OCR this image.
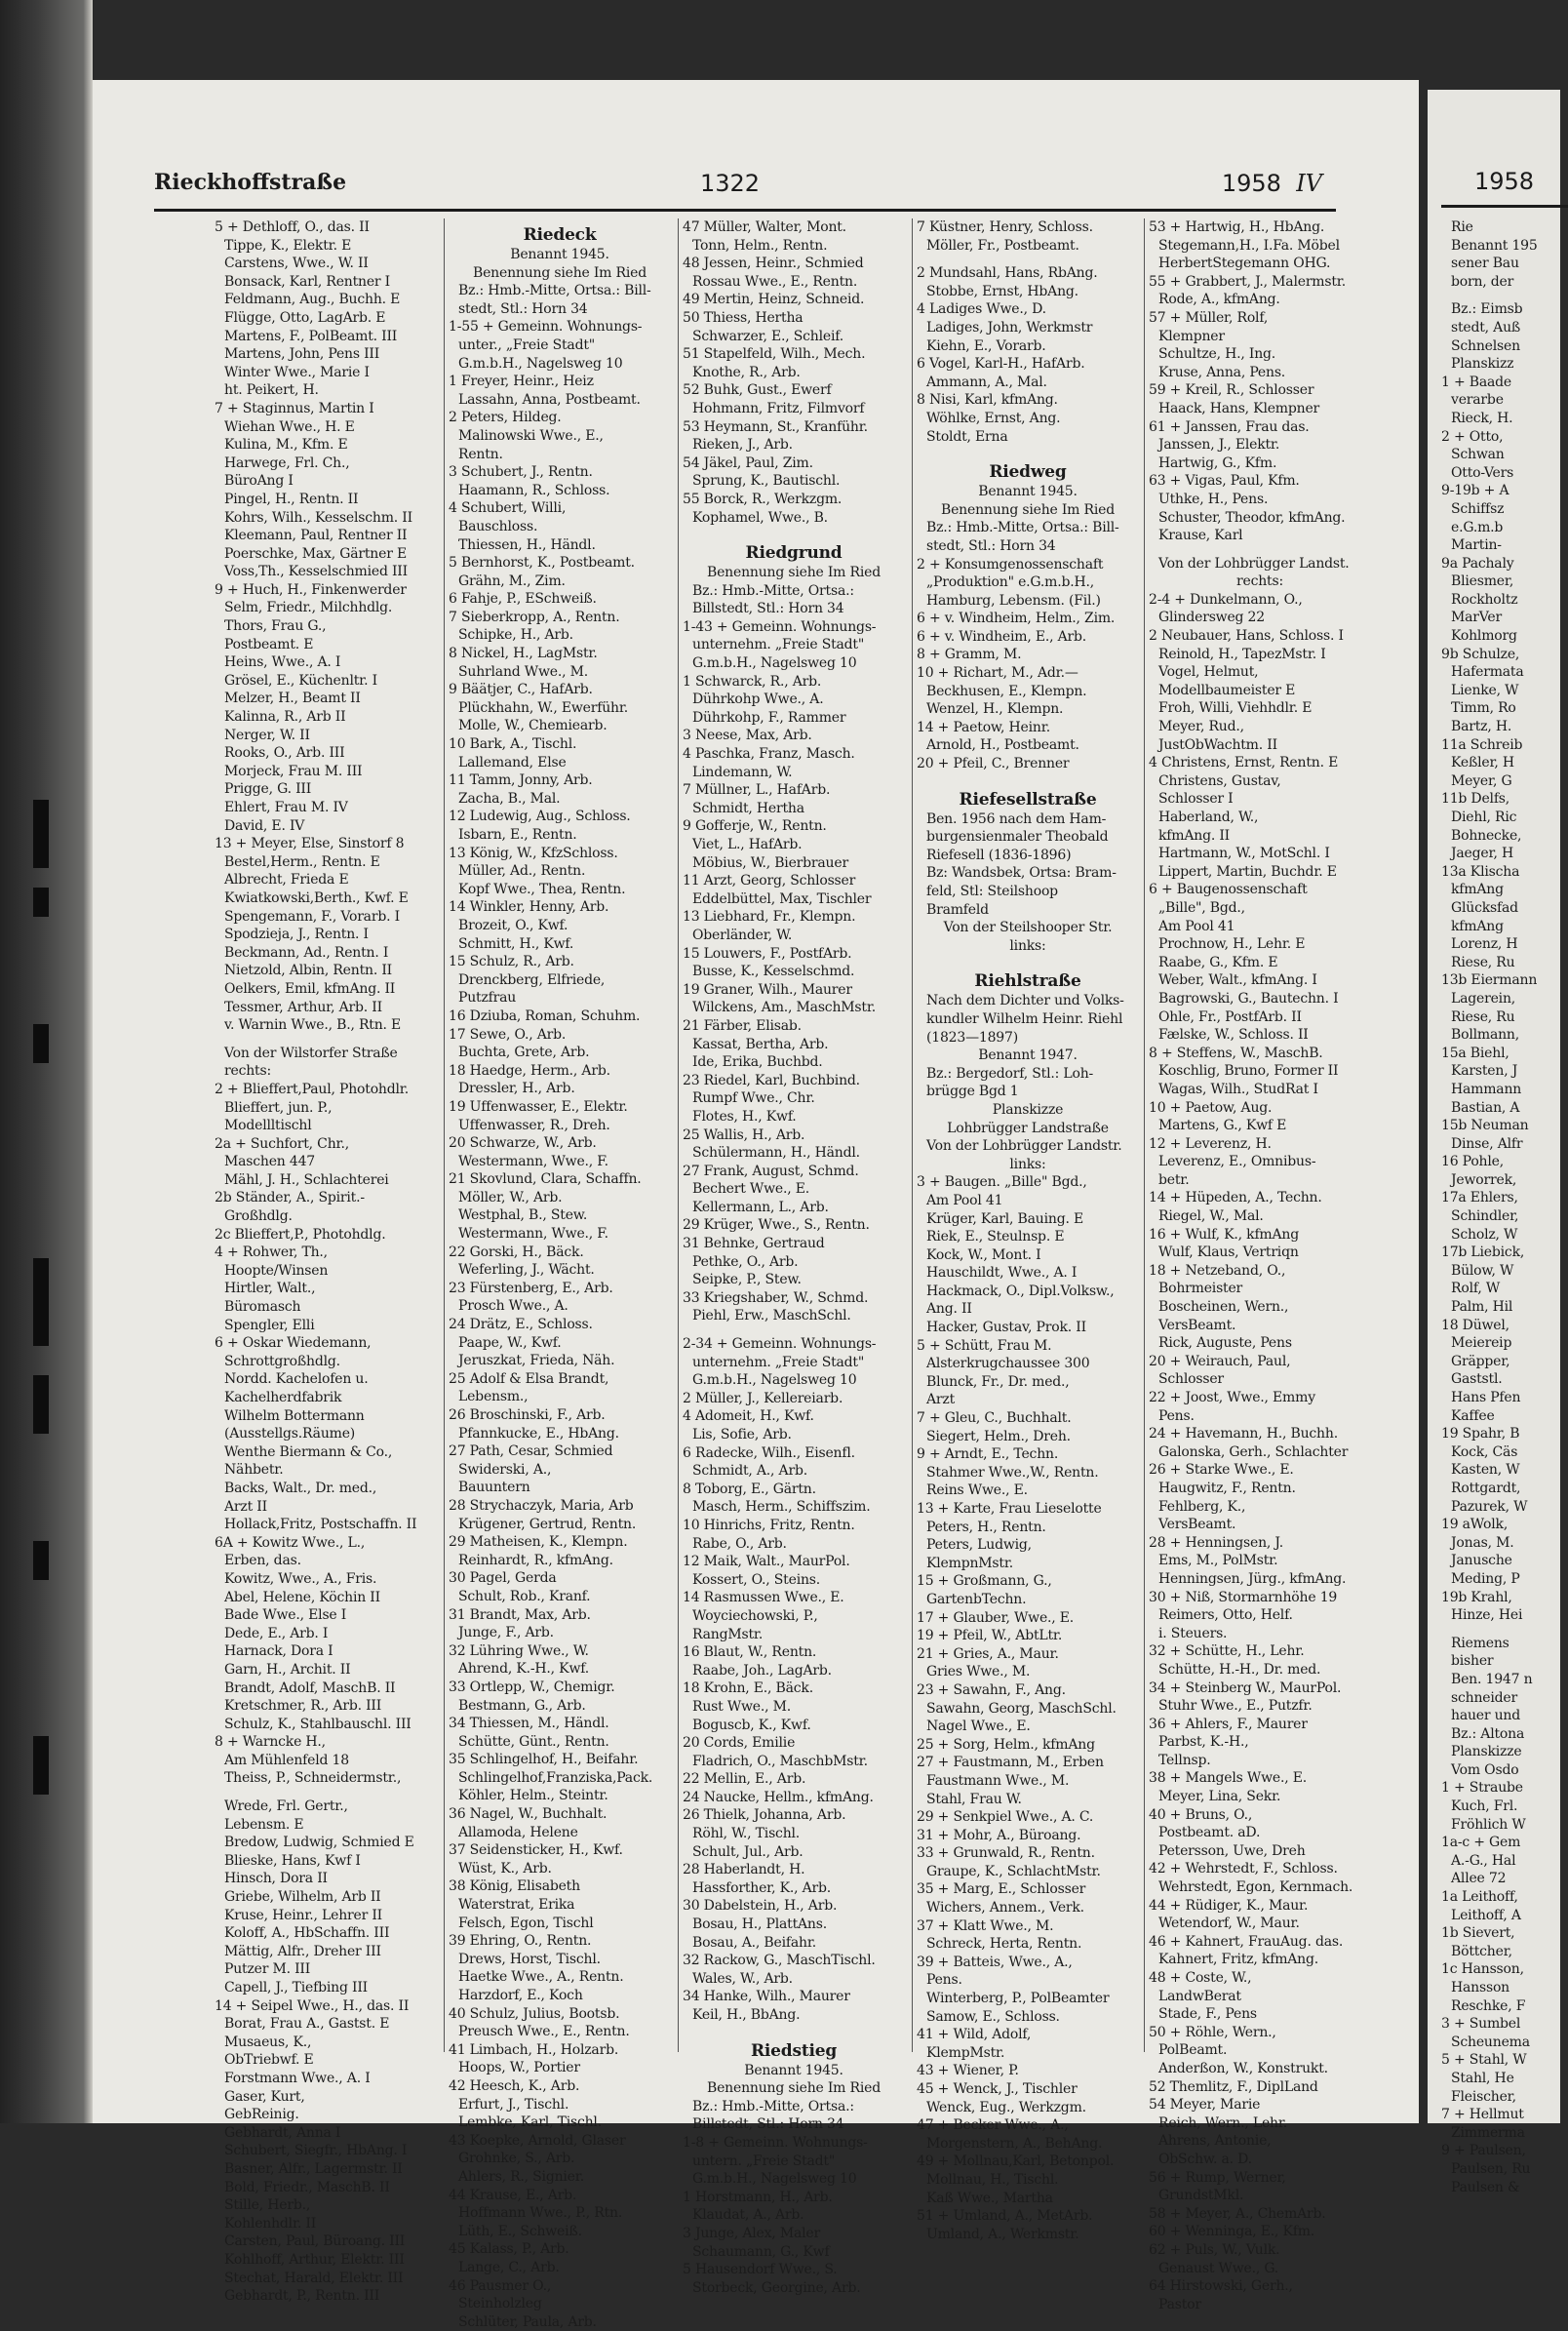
Rieckhoffstraße	1322	1958 IV
5 + Dethloff, O., das. II
Tippe, K., Elektr. E
Carstens, Wwe., W. II
Bonsack, Karl, Rentner I
Feldmann, Aug., Buchh. E
Flügge, Otto, LagArb. E
Martens, F., PolBeamt. III
Martens, John, Pens III
Winter Wwe., Marie I
ht. Peikert, H.
7 + Staginnus, Martin I
Wiehan Wwe., H. E
Kulina, M., Kfm. E
Harwege, Frl. Ch.,
BüroAng I
Pingel, H., Rentn. II
Kohrs, Wilh., Kesselschm. II
Kleemann, Paul, Rentner II
Poerschke, Max, Gärtner E
Voss,Th., Kesselschmied III
9 + Huch, H., Finkenwerder
Selm, Friedr., Milchhdlg.
Thors, Frau G.,
Postbeamt. E
Heins, Wwe., A. I
Grösel, E., Küchenltr. I
Melzer, H., Beamt II
Kalinna, R., Arb II
Nerger, W. II
Rooks, O., Arb. III
Morjeck, Frau M. III
Prigge, G. III
Ehlert, Frau M. IV
David, E. IV
13 + Meyer, Else, Sinstorf 8
Bestel,Herm., Rentn. E
Albrecht, Frieda E
Kwiatkowski,Berth., Kwf. E
Spengemann, F., Vorarb. I
Spodzieja, J., Rentn. I
Beckmann, Ad., Rentn. I
Nietzold, Albin, Rentn. II
Oelkers, Emil, kfmAng. II
Tessmer, Arthur, Arb. II
v. Warnin Wwe., B., Rtn. E
Von der Wilstorfer Straße
rechts:
2 + Blieffert,Paul, Photohdlr.
Blieffert, jun. P.,
Modellltischl
2a + Suchfort, Chr.,
Maschen 447
Mähl, J. H., Schlachterei
2b Ständer, A., Spirit.-
Großhdlg.
2c Blieffert,P., Photohdlg.
4 + Rohwer, Th.,
Hoopte/Winsen
Hirtler, Walt.,
Büromasch
Spengler, Elli
6 + Oskar Wiedemann,
Schrottgroßhdlg.
Nordd. Kachelofen u.
Kachelherdfabrik
Wilhelm Bottermann
(Ausstellgs.Räume)
Wenthe Biermann & Co.,
Nähbetr.
Backs, Walt., Dr. med.,
Arzt II
Hollack,Fritz, Postschaffn. II
6A + Kowitz Wwe., L.,
Erben, das.
Kowitz, Wwe., A., Fris.
Abel, Helene, Köchin II
Bade Wwe., Else I
Dede, E., Arb. I
Harnack, Dora I
Garn, H., Archit. II
Brandt, Adolf, MaschB. II
Kretschmer, R., Arb. III
Schulz, K., Stahlbauschl. III
8 + Warncke H.,
Am Mühlenfeld 18
Theiss, P., Schneidermstr.,
Wrede, Frl. Gertr.,
Lebensm. E
Bredow, Ludwig, Schmied E
Blieske, Hans, Kwf I
Hinsch, Dora II
Griebe, Wilhelm, Arb II
Kruse, Heinr., Lehrer II
Koloff, A., HbSchaffn. III
Mättig, Alfr., Dreher III
Putzer M. III
Capell, J., Tiefbing III
14 + Seipel Wwe., H., das. II
Borat, Frau A., Gastst. E
Musaeus, K.,
ObTriebwf. E
Forstmann Wwe., A. I
Gaser, Kurt,
GebReinig.
Gebhardt, Anna I
Schubert, Siegfr., HbAng. I
Basner, Alfr., Lagermstr. II
Bold, Friedr., MaschB. II
Stille, Herb.,
Kohlenhdlr. II
Carsten, Paul, Büroang. III
Kohlhoff, Arthur, Elektr. III
Stechat, Harald, Elektr. III
Gebhardt, P., Rentn. III
Riedeck
Benannt 1945.
Benennung siehe Im Ried
Bz.: Hmb.-Mitte, Ortsa.: Bill-
stedt, Stl.: Horn 34
1-55 + Gemeinn. Wohnungs-
unter., „Freie Stadt"
G.m.b.H., Nagelsweg 10
1 Freyer, Heinr., Heiz
Lassahn, Anna, Postbeamt.
2 Peters, Hildeg.
Malinowski Wwe., E.,
Rentn.
3 Schubert, J., Rentn.
Haamann, R., Schloss.
4 Schubert, Willi,
Bauschloss.
Thiessen, H., Händl.
5 Bernhorst, K., Postbeamt.
Grähn, M., Zim.
6 Fahje, P., ESchweiß.
7 Sieberkropp, A., Rentn.
Schipke, H., Arb.
8 Nickel, H., LagMstr.
Suhrland Wwe., M.
9 Bäätjer, C., HafArb.
Plückhahn, W., Ewerführ.
Molle, W., Chemiearb.
10 Bark, A., Tischl.
Lallemand, Else
11 Tamm, Jonny, Arb.
Zacha, B., Mal.
12 Ludewig, Aug., Schloss.
Isbarn, E., Rentn.
13 König, W., KfzSchloss.
Müller, Ad., Rentn.
Kopf Wwe., Thea, Rentn.
14 Winkler, Henny, Arb.
Brozeit, O., Kwf.
Schmitt, H., Kwf.
15 Schulz, R., Arb.
Drenckberg, Elfriede,
Putzfrau
16 Dziuba, Roman, Schuhm.
17 Sewe, O., Arb.
Buchta, Grete, Arb.
18 Haedge, Herm., Arb.
Dressler, H., Arb.
19 Uffenwasser, E., Elektr.
Uffenwasser, R., Dreh.
20 Schwarze, W., Arb.
Westermann, Wwe., F.
21 Skovlund, Clara, Schaffn.
Möller, W., Arb.
Westphal, B., Stew.
Westermann, Wwe., F.
22 Gorski, H., Bäck.
Weferling, J., Wächt.
23 Fürstenberg, E., Arb.
Prosch Wwe., A.
24 Drätz, E., Schloss.
Paape, W., Kwf.
Jeruszkat, Frieda, Näh.
25 Adolf & Elsa Brandt,
Lebensm.,
26 Broschinski, F., Arb.
Pfannkucke, E., HbAng.
27 Path, Cesar, Schmied
Swiderski, A.,
Bauuntern
28 Strychaczyk, Maria, Arb
Krügener, Gertrud, Rentn.
29 Matheisen, K., Klempn.
Reinhardt, R., kfmAng.
30 Pagel, Gerda
Schult, Rob., Kranf.
31 Brandt, Max, Arb.
Junge, F., Arb.
32 Lühring Wwe., W.
Ahrend, K.-H., Kwf.
33 Ortlepp, W., Chemigr.
Bestmann, G., Arb.
34 Thiessen, M., Händl.
Schütte, Günt., Rentn.
35 Schlingelhof, H., Beifahr.
Schlingelhof,Franziska,Pack.
Köhler, Helm., Steintr.
36 Nagel, W., Buchhalt.
Allamoda, Helene
37 Seidensticker, H., Kwf.
Wüst, K., Arb.
38 König, Elisabeth
Waterstrat, Erika
Felsch, Egon, Tischl
39 Ehring, O., Rentn.
Drews, Horst, Tischl.
Haetke Wwe., A., Rentn.
Harzdorf, E., Koch
40 Schulz, Julius, Bootsb.
Preusch Wwe., E., Rentn.
41 Limbach, H., Holzarb.
Hoops, W., Portier
42 Heesch, K., Arb.
Erfurt, J., Tischl.
Lembke, Karl, Tischl.
43 Koepke, Arnold, Glaser
Grohnke, S., Arb.
Ahlers, R., Signier.
44 Krause, E., Arb.
Hoffmann Wwe., P., Rtn.
Lüth, E., Schweiß.
45 Kalass, P., Arb.
Lange, C., Arb.
46 Pausmer O.,
Steinholzleg
Schlüter, Paula, Arb.
47 Müller, Walter, Mont.
Tonn, Helm., Rentn.
48 Jessen, Heinr., Schmied
Rossau Wwe., E., Rentn.
49 Mertin, Heinz, Schneid.
50 Thiess, Hertha
Schwarzer, E., Schleif.
51 Stapelfeld, Wilh., Mech.
Knothe, R., Arb.
52 Buhk, Gust., Ewerf
Hohmann, Fritz, Filmvorf
53 Heymann, St., Kranführ.
Rieken, J., Arb.
54 Jäkel, Paul, Zim.
Sprung, K., Bautischl.
55 Borck, R., Werkzgm.
Kophamel, Wwe., B.
Riedgrund
Benennung siehe Im Ried
Bz.: Hmb.-Mitte, Ortsa.:
Billstedt, Stl.: Horn 34
1-43 + Gemeinn. Wohnungs-
unternehm. „Freie Stadt"
G.m.b.H., Nagelsweg 10
1 Schwarck, R., Arb.
Dührkohp Wwe., A.
Dührkohp, F., Rammer
3 Neese, Max, Arb.
4 Paschka, Franz, Masch.
Lindemann, W.
7 Müllner, L., HafArb.
Schmidt, Hertha
9 Gofferje, W., Rentn.
Viet, L., HafArb.
Möbius, W., Bierbrauer
11 Arzt, Georg, Schlosser
Eddelbüttel, Max, Tischler
13 Liebhard, Fr., Klempn.
Oberländer, W.
15 Louwers, F., PostfArb.
Busse, K., Kesselschmd.
19 Graner, Wilh., Maurer
Wilckens, Am., MaschMstr.
21 Färber, Elisab.
Kassat, Bertha, Arb.
Ide, Erika, Buchbd.
23 Riedel, Karl, Buchbind.
Rumpf Wwe., Chr.
Flotes, H., Kwf.
25 Wallis, H., Arb.
Schülermann, H., Händl.
27 Frank, August, Schmd.
Bechert Wwe., E.
Kellermann, L., Arb.
29 Krüger, Wwe., S., Rentn.
31 Behnke, Gertraud
Pethke, O., Arb.
Seipke, P., Stew.
33 Kriegshaber, W., Schmd.
Piehl, Erw., MaschSchl.
2-34 + Gemeinn. Wohnungs-
unternehm. „Freie Stadt"
G.m.b.H., Nagelsweg 10
2 Müller, J., Kellereiarb.
4 Adomeit, H., Kwf.
Lis, Sofie, Arb.
6 Radecke, Wilh., Eisenfl.
Schmidt, A., Arb.
8 Toborg, E., Gärtn.
Masch, Herm., Schiffszim.
10 Hinrichs, Fritz, Rentn.
Rabe, O., Arb.
12 Maik, Walt., MaurPol.
Kossert, O., Steins.
14 Rasmussen Wwe., E.
Woyciechowski, P.,
RangMstr.
16 Blaut, W., Rentn.
Raabe, Joh., LagArb.
18 Krohn, E., Bäck.
Rust Wwe., M.
Boguscb, K., Kwf.
20 Cords, Emilie
Fladrich, O., MaschbMstr.
22 Mellin, E., Arb.
24 Naucke, Hellm., kfmAng.
26 Thielk, Johanna, Arb.
Röhl, W., Tischl.
Schult, Jul., Arb.
28 Haberlandt, H.
Hassforther, K., Arb.
30 Dabelstein, H., Arb.
Bosau, H., PlattAns.
Bosau, A., Beifahr.
32 Rackow, G., MaschTischl.
Wales, W., Arb.
34 Hanke, Wilh., Maurer
Keil, H., BbAng.
Riedstieg
Benannt 1945.
Benennung siehe Im Ried
Bz.: Hmb.-Mitte, Ortsa.:
Billstedt, Stl.: Horn 34
1-8 + Gemeinn. Wohnungs-
untern. „Freie Stadt"
G.m.b.H., Nagelsweg 10
1 Horstmann, H., Arb.
Klaudat, A., Arb.
3 Junge, Alex, Maler
Schaumann, G., Kwf
5 Hausendorf Wwe., S.
Storbeck, Georgine, Arb.
7 Küstner, Henry, Schloss.
Möller, Fr., Postbeamt.
2 Mundsahl, Hans, RbAng.
Stobbe, Ernst, HbAng.
4 Ladiges Wwe., D.
Ladiges, John, Werkmstr
Kiehn, E., Vorarb.
6 Vogel, Karl-H., HafArb.
Ammann, A., Mal.
8 Nisi, Karl, kfmAng.
Wöhlke, Ernst, Ang.
Stoldt, Erna
Riedweg
Benannt 1945.
Benennung siehe Im Ried
Bz.: Hmb.-Mitte, Ortsa.: Bill-
stedt, Stl.: Horn 34
2 + Konsumgenossenschaft
„Produktion" e.G.m.b.H.,
Hamburg, Lebensm. (Fil.)
6 + v. Windheim, Helm., Zim.
6 + v. Windheim, E., Arb.
8 + Gramm, M.
10 + Richart, M., Adr.—
Beckhusen, E., Klempn.
Wenzel, H., Klempn.
14 + Paetow, Heinr.
Arnold, H., Postbeamt.
20 + Pfeil, C., Brenner
Riefesellstraße
Ben. 1956 nach dem Ham-
burgensienmaler Theobald
Riefesell (1836-1896)
Bz: Wandsbek, Ortsa: Bram-
feld, Stl: Steilshoop
Bramfeld
Von der Steilshooper Str.
links:
Riehlstraße
Nach dem Dichter und Volks-
kundler Wilhelm Heinr. Riehl
(1823—1897)
Benannt 1947.
Bz.: Bergedorf, Stl.: Loh-
brügge Bgd 1
Planskizze
Lohbrügger Landstraße
Von der Lohbrügger Landstr.
links:
3 + Baugen. „Bille" Bgd.,
Am Pool 41
Krüger, Karl, Bauing. E
Riek, E., Steulnsp. E
Kock, W., Mont. I
Hauschildt, Wwe., A. I
Hackmack, O., Dipl.Volksw.,
Ang. II
Hacker, Gustav, Prok. II
5 + Schütt, Frau M.
Alsterkrugchaussee 300
Blunck, Fr., Dr. med.,
Arzt
7 + Gleu, C., Buchhalt.
Siegert, Helm., Dreh.
9 + Arndt, E., Techn.
Stahmer Wwe.,W., Rentn.
Reins Wwe., E.
13 + Karte, Frau Lieselotte
Peters, H., Rentn.
Peters, Ludwig,
KlempnMstr.
15 + Großmann, G.,
GartenbTechn.
17 + Glauber, Wwe., E.
19 + Pfeil, W., AbtLtr.
21 + Gries, A., Maur.
Gries Wwe., M.
23 + Sawahn, F., Ang.
Sawahn, Georg, MaschSchl.
Nagel Wwe., E.
25 + Sorg, Helm., kfmAng
27 + Faustmann, M., Erben
Faustmann Wwe., M.
Stahl, Frau W.
29 + Senkpiel Wwe., A. C.
31 + Mohr, A., Büroang.
33 + Grunwald, R., Rentn.
Graupe, K., SchlachtMstr.
35 + Marg, E., Schlosser
Wichers, Annem., Verk.
37 + Klatt Wwe., M.
Schreck, Herta, Rentn.
39 + Batteis, Wwe., A.,
Pens.
Winterberg, P., PolBeamter
Samow, E., Schloss.
41 + Wild, Adolf,
KlempMstr.
43 + Wiener, P.
45 + Wenck, J., Tischler
Wenck, Eug., Werkzgm.
47 + Becker Wwe., A.,
Morgenstern, A., BehAng.
49 + Mollnau,Karl, Betonpol.
Mollnau, H., Tischl.
Kaß Wwe., Martha
51 + Umland, A., MetArb.
Umland, A., Werkmstr.
53 + Hartwig, H., HbAng.
Stegemann,H., I.Fa. Möbel
HerbertStegemann OHG.
55 + Grabbert, J., Malermstr.
Rode, A., kfmAng.
57 + Müller, Rolf,
Klempner
Schultze, H., Ing.
Kruse, Anna, Pens.
59 + Kreil, R., Schlosser
Haack, Hans, Klempner
61 + Janssen, Frau das.
Janssen, J., Elektr.
Hartwig, G., Kfm.
63 + Vigas, Paul, Kfm.
Uthke, H., Pens.
Schuster, Theodor, kfmAng.
Krause, Karl
Von der Lohbrügger Landst.
rechts:
2-4 + Dunkelmann, O.,
Glindersweg 22
2 Neubauer, Hans, Schloss. I
Reinold, H., TapezMstr. I
Vogel, Helmut,
Modellbaumeister E
Froh, Willi, Viehhdlr. E
Meyer, Rud.,
JustObWachtm. II
4 Christens, Ernst, Rentn. E
Christens, Gustav,
Schlosser I
Haberland, W.,
kfmAng. II
Hartmann, W., MotSchl. I
Lippert, Martin, Buchdr. E
6 + Baugenossenschaft
„Bille", Bgd.,
Am Pool 41
Prochnow, H., Lehr. E
Raabe, G., Kfm. E
Weber, Walt., kfmAng. I
Bagrowski, G., Bautechn. I
Ohle, Fr., PostfArb. II
Fælske, W., Schloss. II
8 + Steffens, W., MaschB.
Koschlig, Bruno, Former II
Wagas, Wilh., StudRat I
10 + Paetow, Aug.
Martens, G., Kwf E
12 + Leverenz, H.
Leverenz, E., Omnibus-
betr.
14 + Hüpeden, A., Techn.
Riegel, W., Mal.
16 + Wulf, K., kfmAng
Wulf, Klaus, Vertriqn
18 + Netzeband, O.,
Bohrmeister
Boscheinen, Wern.,
VersBeamt.
Rick, Auguste, Pens
20 + Weirauch, Paul,
Schlosser
22 + Joost, Wwe., Emmy
Pens.
24 + Havemann, H., Buchh.
Galonska, Gerh., Schlachter
26 + Starke Wwe., E.
Haugwitz, F., Rentn.
Fehlberg, K.,
VersBeamt.
28 + Henningsen, J.
Ems, M., PolMstr.
Henningsen, Jürg., kfmAng.
30 + Niß, Stormarnhöhe 19
Reimers, Otto, Helf.
i. Steuers.
32 + Schütte, H., Lehr.
Schütte, H.-H., Dr. med.
34 + Steinberg W., MaurPol.
Stuhr Wwe., E., Putzfr.
36 + Ahlers, F., Maurer
Parbst, K.-H.,
Tellnsp.
38 + Mangels Wwe., E.
Meyer, Lina, Sekr.
40 + Bruns, O.,
Postbeamt. aD.
Petersson, Uwe, Dreh
42 + Wehrstedt, F., Schloss.
Wehrstedt, Egon, Kernmach.
44 + Rüdiger, K., Maur.
Wetendorf, W., Maur.
46 + Kahnert, FrauAug. das.
Kahnert, Fritz, kfmAng.
48 + Coste, W.,
LandwBerat
Stade, F., Pens
50 + Röhle, Wern.,
PolBeamt.
Anderßon, W., Konstrukt.
52 Themlitz, F., DiplLand
54 Meyer, Marie
Reich, Wern., Lehr.
Ahrens, Antonie,
ObSchw. a. D.
56 + Rump, Werner,
GrundstMkl.
58 + Meyer, A., ChemArb.
60 + Wenninga, E., Kfm.
62 + Puls, W., Vulk.
Genaust Wwe., G.
64 Hirstowski, Gerh.,
Pastor
1958
Rie
Benannt 195
sener Bau
born, der
Bz.: Eimsb
stedt, Auß
Schnelsen
Planskizz
1 + Baade
verarbe
Rieck, H.
2 + Otto,
Schwan
Otto-Vers
9-19b + A
Schiffsz
e.G.m.b
Martin-
9a Pachaly
Bliesmer,
Rockholtz
MarVer
Kohlmorg
9b Schulze,
Hafermata
Lienke, W
Timm, Ro
Bartz, H.
11a Schreib
Keßler, H
Meyer, G
11b Delfs,
Diehl, Ric
Bohnecke,
Jaeger, H
13a Klischa
kfmAng
Glücksfad
kfmAng
Lorenz, H
Riese, Ru
13b Eiermann
Lagerein,
Riese, Ru
Bollmann,
15a Biehl,
Karsten, J
Hammann
Bastian, A
15b Neuman
Dinse, Alfr
16 Pohle,
Jeworrek,
17a Ehlers,
Schindler,
Scholz, W
17b Liebick,
Bülow, W
Rolf, W
Palm, Hil
18 Düwel,
Meiereip
Gräpper,
Gaststl.
Hans Pfen
Kaffee
19 Spahr, B
Kock, Cäs
Kasten, W
Rottgardt,
Pazurek, W
19 aWolk,
Jonas, M.
Janusche
Meding, P
19b Krahl,
Hinze, Hei
Riemens
bisher
Ben. 1947 n
schneider
hauer und
Bz.: Altona
Planskizze
Vom Osdo
1 + Straube
Kuch, Frl.
Fröhlich W
1a-c + Gem
A.-G., Hal
Allee 72
1a Leithoff,
Leithoff, A
1b Sievert,
Böttcher,
1c Hansson,
Hansson
Reschke, F
3 + Sumbel
Scheunema
5 + Stahl, W
Stahl, He
Fleischer,
7 + Hellmut
Zimmerma
9 + Paulsen,
Paulsen, Ru
Paulsen &
